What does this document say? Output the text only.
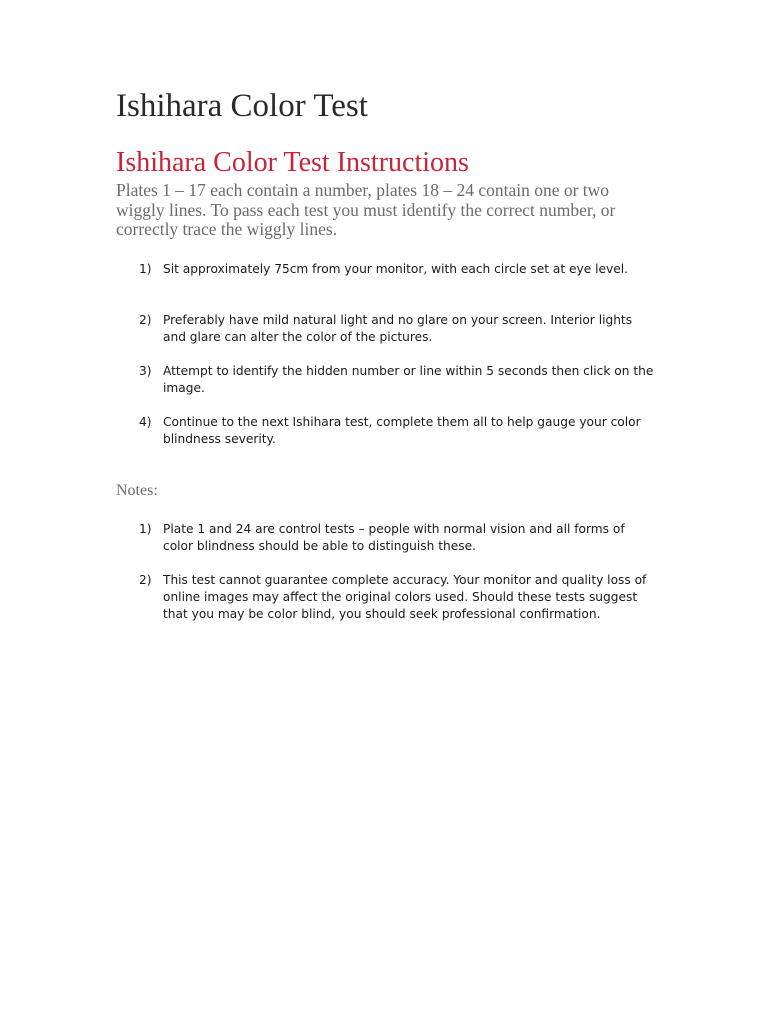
Ishihara Color Test
Ishihara Color Test Instructions

Plates 1 – 17 each contain a number, plates 18 – 24 contain one or two wiggly lines. To pass each test you must identify the correct number, or correctly trace the wiggly lines.

1) Sit approximately 75cm from your monitor, with each circle set at eye level.
2) Preferably have mild natural light and no glare on your screen. Interior lights and glare can alter the color of the pictures.
3) Attempt to identify the hidden number or line within 5 seconds then click on the image.
4) Continue to the next Ishihara test, complete them all to help gauge your color blindness severity.

Notes:

1) Plate 1 and 24 are control tests – people with normal vision and all forms of color blindness should be able to distinguish these.
2) This test cannot guarantee complete accuracy. Your monitor and quality loss of online images may affect the original colors used. Should these tests suggest that you may be color blind, you should seek professional confirmation.
